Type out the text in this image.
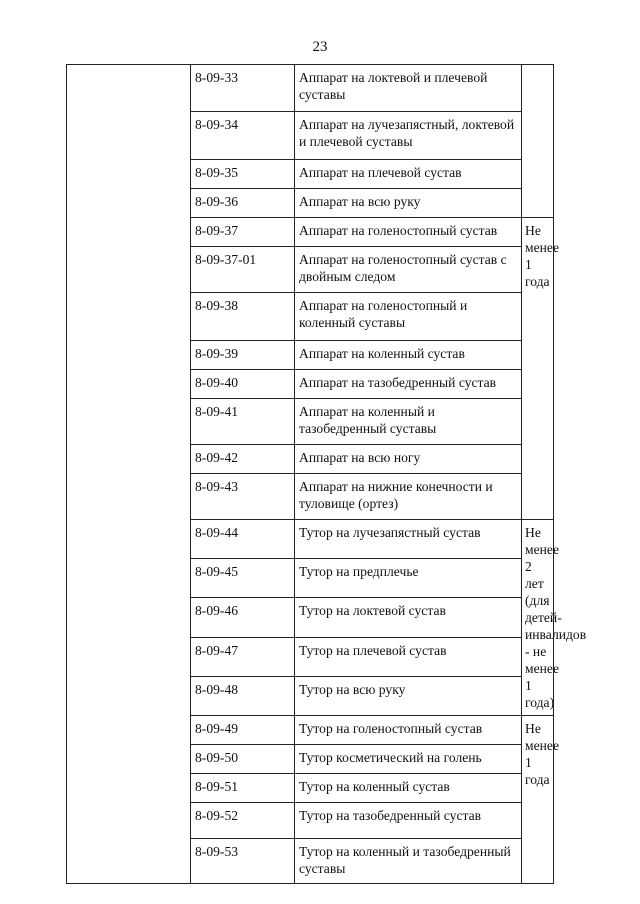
23
	8-09-33	Аппарат на локтевой и плечевой суставы	
	8-09-34	Аппарат на лучезапястный, локтевой и плечевой суставы	
	8-09-35	Аппарат на плечевой сустав	
	8-09-36	Аппарат на всю руку	
	8-09-37	Аппарат на голеностопный сустав	Не менее 1 года
	8-09-37-01	Аппарат на голеностопный сустав с двойным следом	
	8-09-38	Аппарат на голеностопный и коленный суставы	
	8-09-39	Аппарат на коленный сустав	
	8-09-40	Аппарат на тазобедренный сустав	
	8-09-41	Аппарат на коленный и тазобедренный суставы	
	8-09-42	Аппарат на всю ногу	
	8-09-43	Аппарат на нижние конечности и туловище (ортез)	
	8-09-44	Тутор на лучезапястный сустав	Не менее 2 лет (для детей-инвалидов - не менее 1 года)
	8-09-45	Тутор на предплечье	
	8-09-46	Тутор на локтевой сустав	
	8-09-47	Тутор на плечевой сустав	
	8-09-48	Тутор на всю руку	
	8-09-49	Тутор на голеностопный сустав	Не менее 1 года
	8-09-50	Тутор косметический на голень	
	8-09-51	Тутор на коленный сустав	
	8-09-52	Тутор на тазобедренный сустав	
	8-09-53	Тутор на коленный и тазобедренный суставы	
